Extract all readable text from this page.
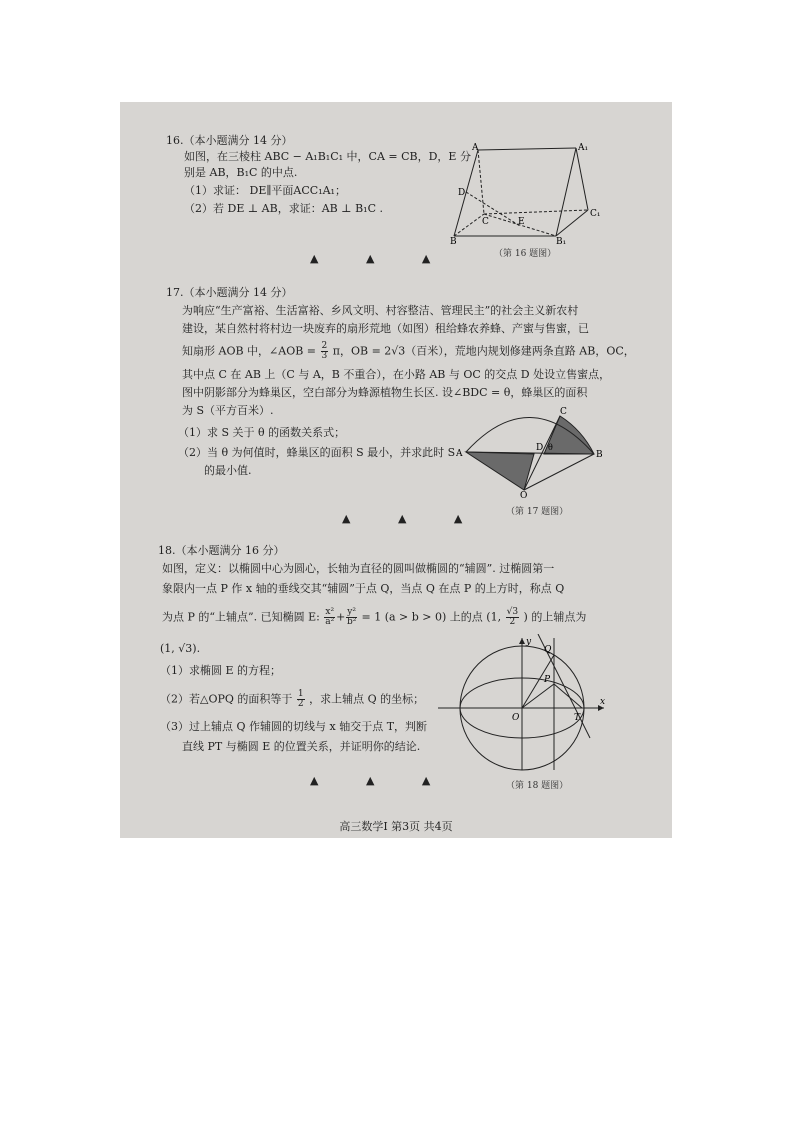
16.（本小题满分 14 分）
如图，在三棱柱 ABC − A₁B₁C₁ 中，CA = CB，D，E 分
别是 AB，B₁C 的中点.
（1）求证： DE∥平面ACC₁A₁；
（2）若 DE ⊥ AB，求证：AB ⊥ B₁C .
A	A₁
D
C	E
C₁
B	B₁
（第 16 题图）
▲ ▲ ▲
17.（本小题满分 14 分）
为响应“生产富裕、生活富裕、乡风文明、村容整洁、管理民主”的社会主义新农村
建设，某自然村将村边一块废弃的扇形荒地（如图）租给蜂农养蜂、产蜜与售蜜，已
知扇形 AOB 中，∠AOB = $\frac{2}{3}$ π，OB = 2√3（百米），荒地内规划修建两条直路 AB，OC，
其中点 C 在 AB 上（C 与 A，B 不重合），在小路 AB 与 OC 的交点 D 处设立售蜜点，
图中阴影部分为蜂巢区，空白部分为蜂源植物生长区. 设∠BDC = θ，蜂巢区的面积
为 S（平方百米）.
（1）求 S 关于 θ 的函数关系式；
（2）当 θ 为何值时，蜂巢区的面积 S 最小，并求此时 S
的最小值.
A	B
C
D θ
O
（第 17 题图）
▲ ▲ ▲
18.（本小题满分 16 分）
如图，定义：以椭圆中心为圆心，长轴为直径的圆叫做椭圆的“辅圆”. 过椭圆第一
象限内一点 P 作 x 轴的垂线交其“辅圆”于点 Q，当点 Q 在点 P 的上方时，称点 Q
为点 P 的“上辅点”. 已知椭圆 E: $\frac{\text{x²}}{\text{a²}} + \frac{\text{y²}}{\text{b²}} = 1$ (a > b > 0) 上的点 (1, $\frac{√3}{2}$ ) 的上辅点为
(1, √3).
（1）求椭圆 E 的方程；
（2）若△OPQ 的面积等于 $\frac{1}{2}$ ，求上辅点 Q 的坐标；
（3）过上辅点 Q 作辅圆的切线与 x 轴交于点 T，判断
直线 PT 与椭圆 E 的位置关系，并证明你的结论.
y
x
O
Q
P
T
（第 18 题图）
▲ ▲ ▲
高三数学Ⅰ 第3页 共4页
